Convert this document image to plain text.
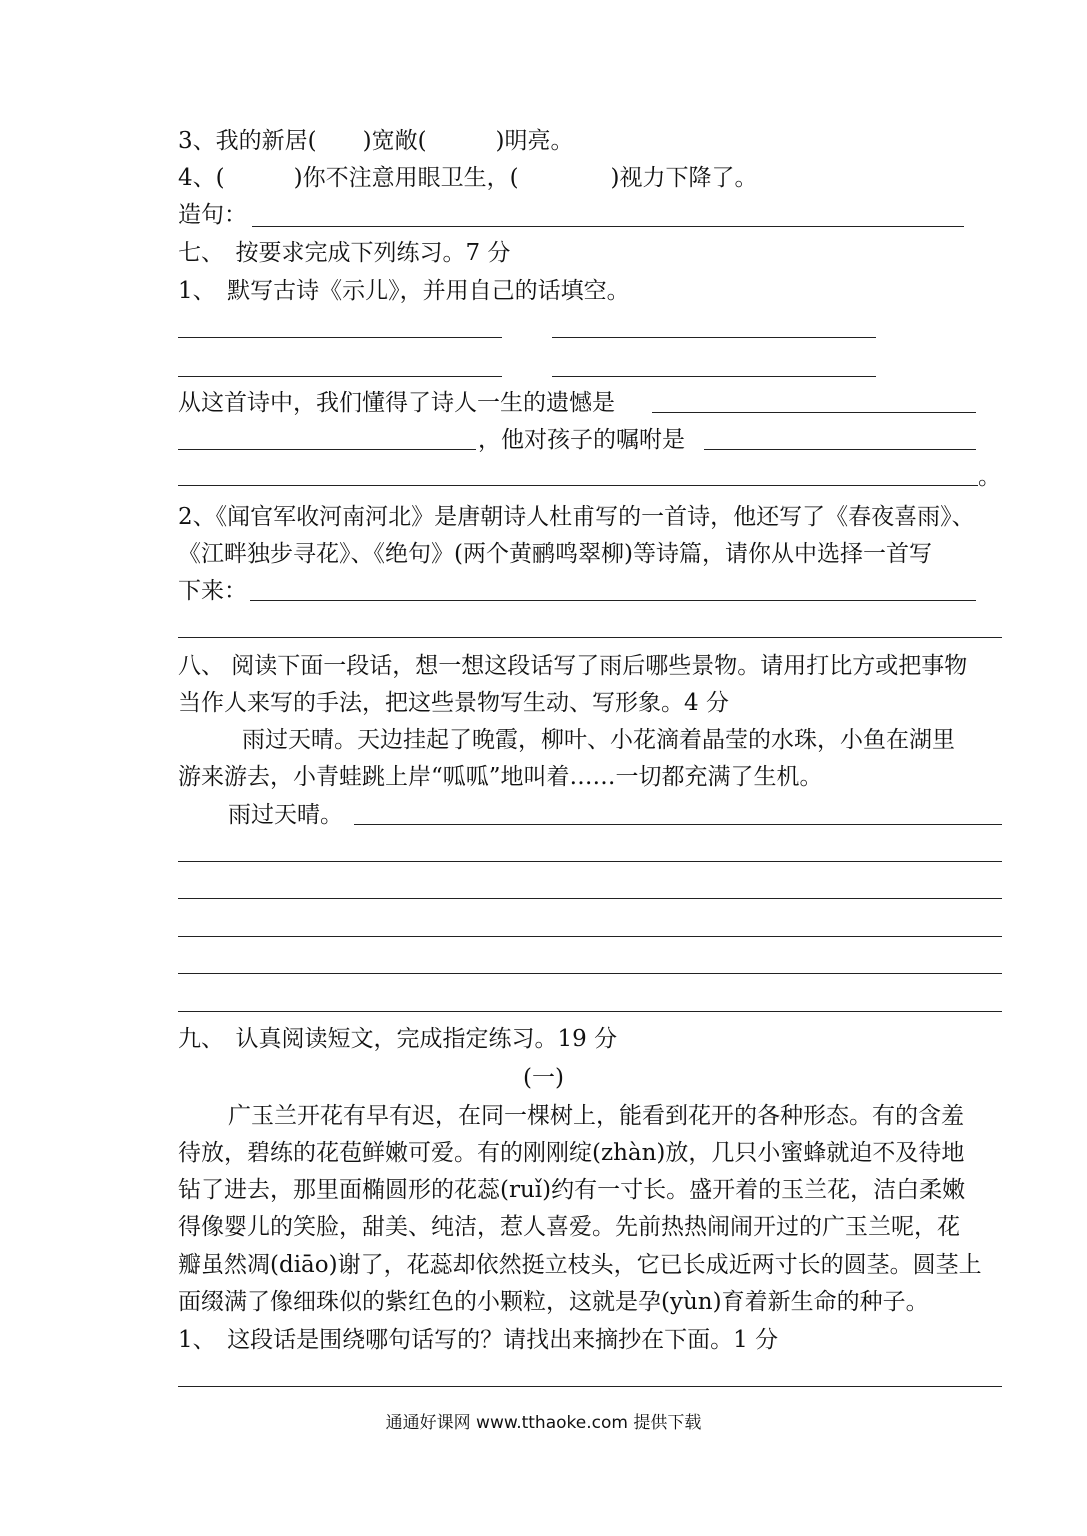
3、我的新居(　　)宽敞(　　　)明亮。
4、(　　　)你不注意用眼卫生，(　　　　)视力下降了。
造句：
七、　按要求完成下列练习。7 分
1、　默写古诗《示儿》，并用自己的话填空。
从这首诗中，我们懂得了诗人一生的遗憾是
，他对孩子的嘱咐是
。
2、《闻官军收河南河北》是唐朝诗人杜甫写的一首诗，他还写了《春夜喜雨》、
《江畔独步寻花》、《绝句》(两个黄鹂鸣翠柳)等诗篇，请你从中选择一首写
下来：
八、 阅读下面一段话，想一想这段话写了雨后哪些景物。请用打比方或把事物
当作人来写的手法，把这些景物写生动、写形象。4 分
雨过天晴。天边挂起了晚霞，柳叶、小花滴着晶莹的水珠，小鱼在湖里
游来游去，小青蛙跳上岸“呱呱”地叫着……一切都充满了生机。
雨过天晴。
九、　认真阅读短文，完成指定练习。19 分
(一)
广玉兰开花有早有迟，在同一棵树上，能看到花开的各种形态。有的含羞
待放，碧练的花苞鲜嫩可爱。有的刚刚绽(zhàn)放，几只小蜜蜂就迫不及待地
钻了进去，那里面椭圆形的花蕊(ruǐ)约有一寸长。盛开着的玉兰花，洁白柔嫩
得像婴儿的笑脸，甜美、纯洁，惹人喜爱。先前热热闹闹开过的广玉兰呢，花
瓣虽然凋(diāo)谢了，花蕊却依然挺立枝头，它已长成近两寸长的圆茎。圆茎上
面缀满了像细珠似的紫红色的小颗粒，这就是孕(yùn)育着新生命的种子。
1、　这段话是围绕哪句话写的？请找出来摘抄在下面。1 分
通通好课网 www.tthaoke.com 提供下载
